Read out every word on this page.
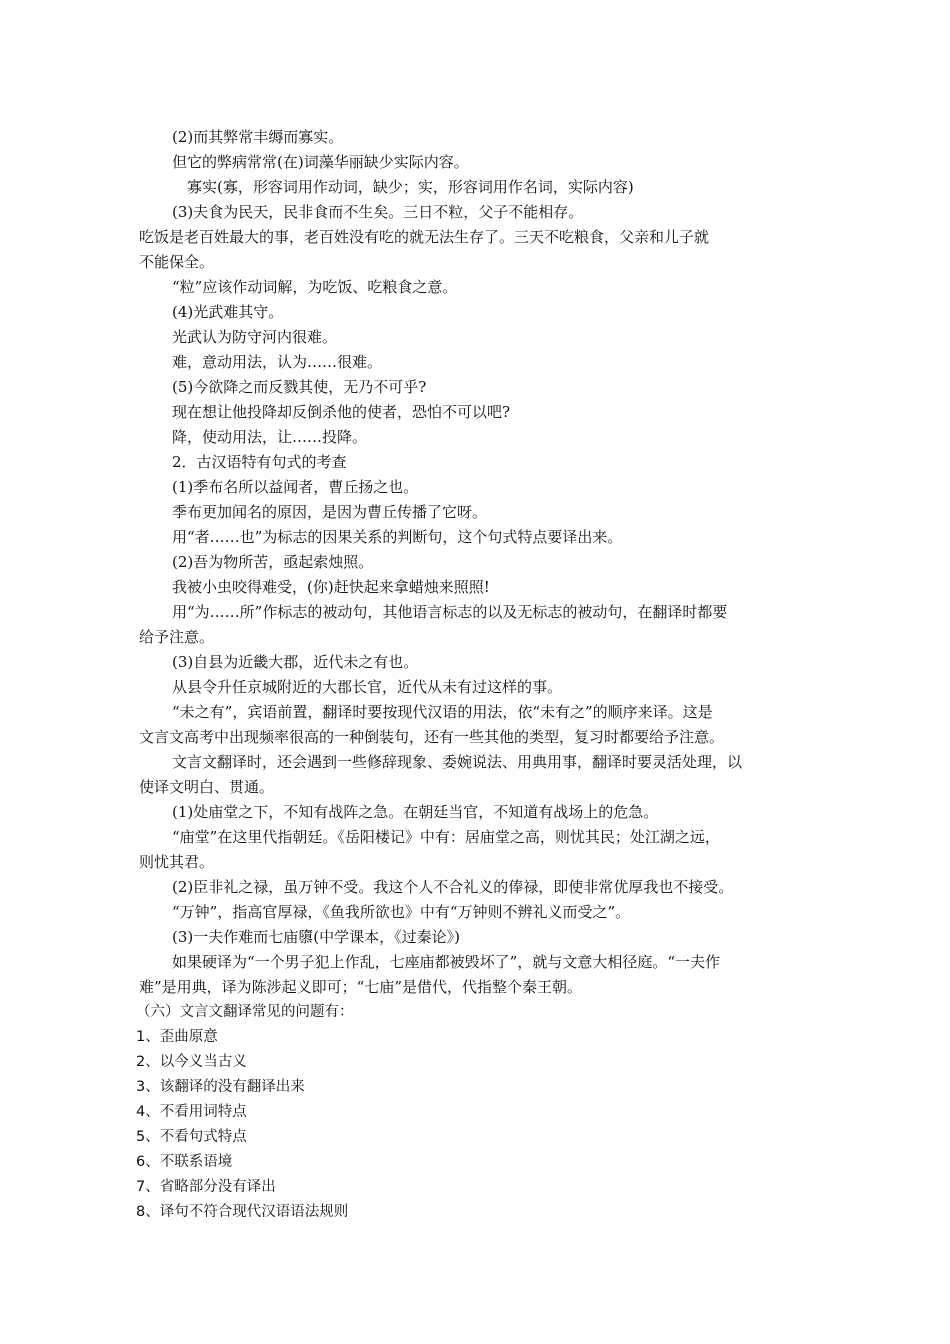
(2)而其弊常丰缛而寡实。
但它的弊病常常(在)词藻华丽缺少实际内容。
寡实(寡，形容词用作动词，缺少；实，形容词用作名词，实际内容)
(3)夫食为民天，民非食而不生矣。三日不粒，父子不能相存。
吃饭是老百姓最大的事，老百姓没有吃的就无法生存了。三天不吃粮食，父亲和儿子就
不能保全。
“粒”应该作动词解，为吃饭、吃粮食之意。
(4)光武难其守。
光武认为防守河内很难。
难，意动用法，认为……很难。
(5)今欲降之而反戮其使，无乃不可乎?
现在想让他投降却反倒杀他的使者，恐怕不可以吧?
降，使动用法，让……投降。
2．古汉语特有句式的考查
(1)季布名所以益闻者，曹丘扬之也。
季布更加闻名的原因，是因为曹丘传播了它呀。
用“者……也”为标志的因果关系的判断句，这个句式特点要译出来。
(2)吾为物所苦，亟起索烛照。
我被小虫咬得难受，(你)赶快起来拿蜡烛来照照!
用“为……所”作标志的被动句，其他语言标志的以及无标志的被动句，在翻译时都要
给予注意。
(3)自县为近畿大郡，近代未之有也。
从县令升任京城附近的大郡长官，近代从未有过这样的事。
“未之有”，宾语前置，翻译时要按现代汉语的用法，依“未有之”的顺序来译。这是
文言文高考中出现频率很高的一种倒装句，还有一些其他的类型，复习时都要给予注意。
文言文翻译时，还会遇到一些修辞现象、委婉说法、用典用事，翻译时要灵活处理，以
使译文明白、贯通。
(1)处庙堂之下，不知有战阵之急。在朝廷当官，不知道有战场上的危急。
“庙堂”在这里代指朝廷。《岳阳楼记》中有：居庙堂之高，则忧其民；处江湖之远，
则忧其君。
(2)臣非礼之禄，虽万钟不受。我这个人不合礼义的俸禄，即使非常优厚我也不接受。
“万钟”，指高官厚禄，《鱼我所欲也》中有“万钟则不辨礼义而受之”。
(3)一夫作难而七庙隳(中学课本，《过秦论》)
如果硬译为“一个男子犯上作乱，七座庙都被毁坏了”，就与文意大相径庭。“一夫作
难”是用典，译为陈涉起义即可；“七庙”是借代，代指整个秦王朝。
（六）文言文翻译常见的问题有：
1、歪曲原意
2、以今义当古义
3、该翻译的没有翻译出来
4、不看用词特点
5、不看句式特点
6、不联系语境
7、省略部分没有译出
8、译句不符合现代汉语语法规则
